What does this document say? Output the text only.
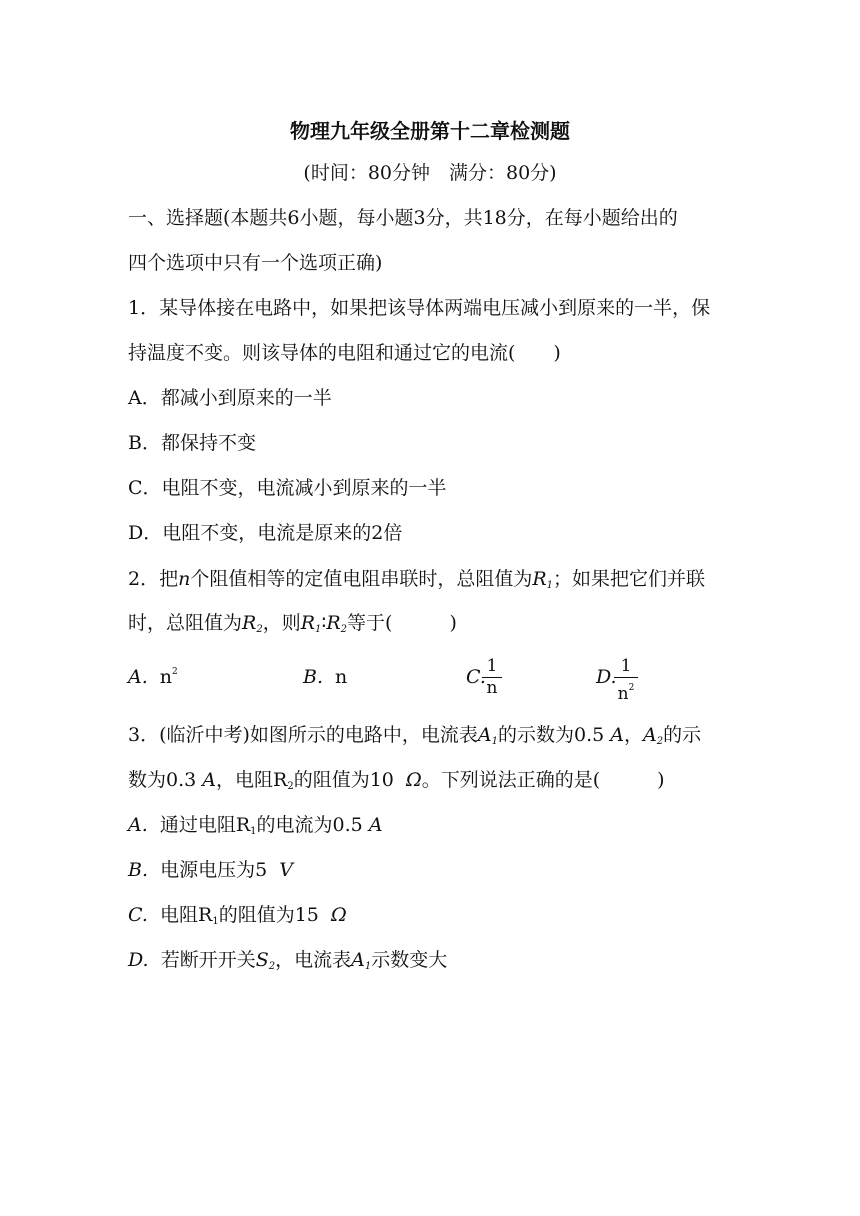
物理九年级全册第十二章检测题
(时间：80分钟　满分：80分)
一、选择题(本题共6小题，每小题3分，共18分，在每小题给出的
四个选项中只有一个选项正确)
1．某导体接在电路中，如果把该导体两端电压减小到原来的一半，保
持温度不变。则该导体的电阻和通过它的电流(　　)
A．都减小到原来的一半
B．都保持不变
C．电阻不变，电流减小到原来的一半
D．电阻不变，电流是原来的2倍
2．把n个阻值相等的定值电阻串联时，总阻值为$R_1$；如果把它们并联
时，总阻值为$R_2$，则$R_1∶R_2$等于(　　　)
A. $n^2$	B. n	C.
$\frac{1}{n}$	D.
$\frac{1}{n^2}$
3．(临沂中考)如图所示的电路中，电流表$A_1$的示数为0.5 A，$A_2$的示
数为0.3 A，电阻$R_2$的阻值为10 Ω。下列说法正确的是(　　　)
A. 通过电阻$R_1$的电流为0.5 A
B. 电源电压为5 V
C. 电阻$R_1$的阻值为15 Ω
D. 若断开开关$S_2$，电流表$A_1$示数变大
